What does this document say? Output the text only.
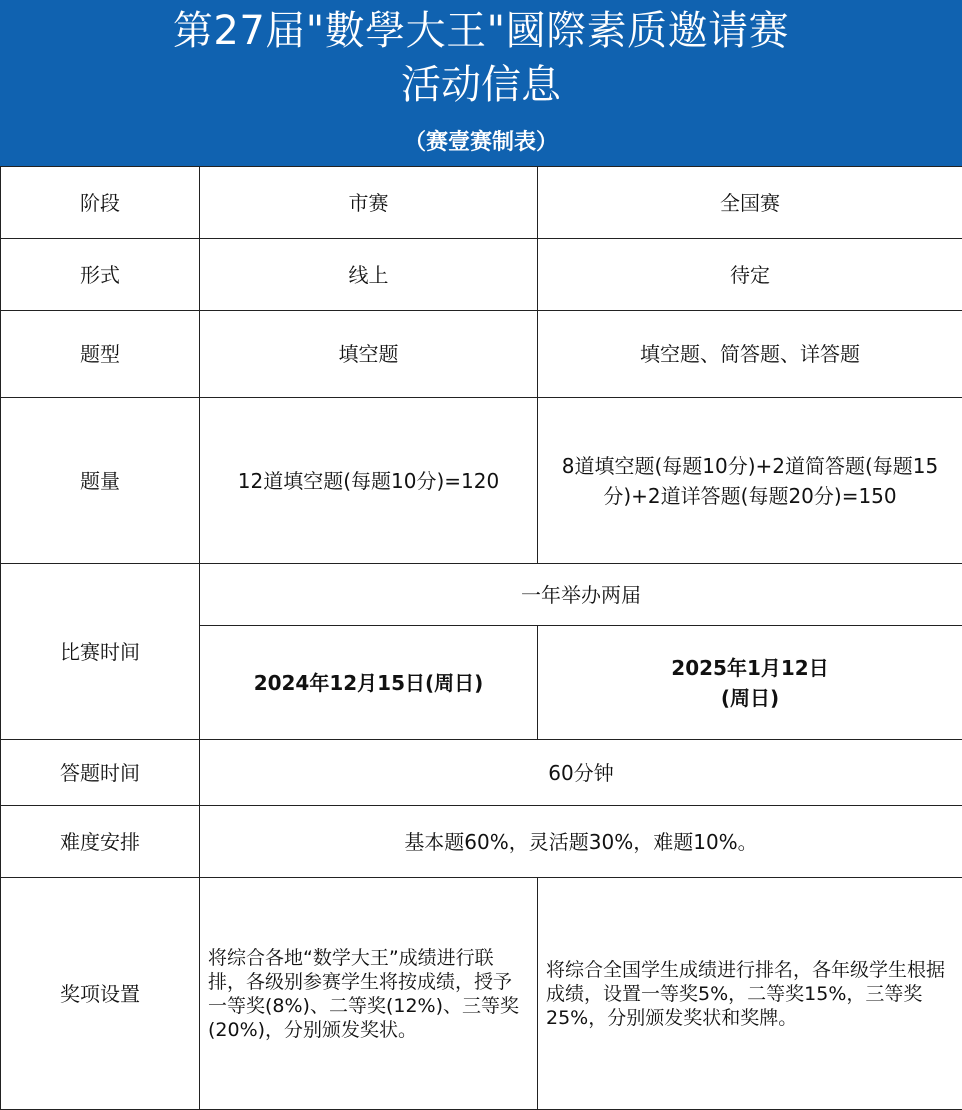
第27届"數學大王"國際素质邀请赛
活动信息
（赛壹赛制表）
阶段	市赛	全国赛
形式	线上	待定
题型	填空题	填空题、简答题、详答题
题量	12道填空题(每题10分)=120	8道填空题(每题10分)+2道简答题(每题15分)+2道详答题(每题20分)=150
比赛时间	一年举办两届	
	2024年12月15日(周日)	2025年1月12日
(周日)

答题时间	60分钟	
难度安排	基本题60%，灵活题30%，难题10%。	
奖项设置	将综合各地“数学大王”成绩进行联排，各级别参赛学生将按成绩，授予一等奖(8%)、二等奖(12%)、三等奖(20%)，分别颁发奖状。	将综合全国学生成绩进行排名，各年级学生根据成绩，设置一等奖5%，二等奖15%，三等奖25%，分别颁发奖状和奖牌。
